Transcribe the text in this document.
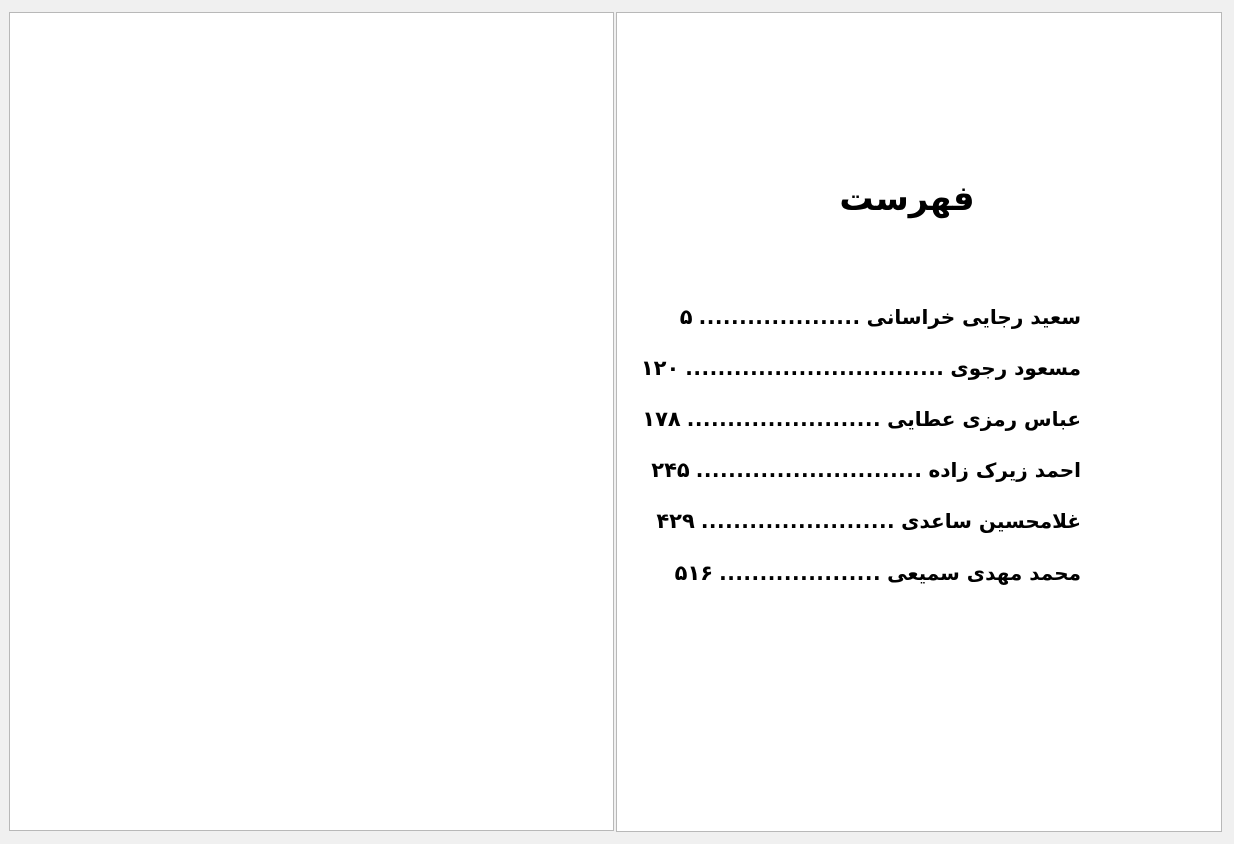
فهرست
سعید رجایی خراسانی
....................
۵
مسعود رجوی
................................
۱۲۰
عباس رمزی عطایی
........................
۱۷۸
احمد زیرک زاده
............................
۲۴۵
غلامحسین ساعدی
........................
۴۲۹
محمد مهدی سمیعی
....................
۵۱۶
